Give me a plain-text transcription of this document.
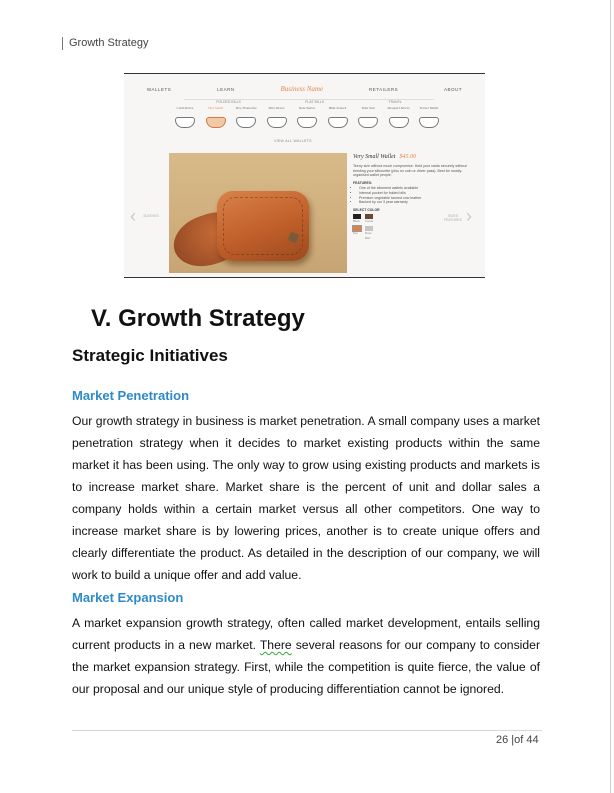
Growth Strategy
WALLETS	LEARN	Business Name	RETAILERS	ABOUT
FOLDED BILLS	FLAT BILLS	TRAVEL
Card Sleeve	Very Small	Very Protective	Slim Sleeve	Note Sleeve	Hide Schack	Tube Slot	Passport Sleeve	Travel Wallet
VIEW ALL WALLETS
‹	SLEEVES
Very Small Wallet $45.00
Teeny size without much compromise. Hold your cards securely without bending your silhouette (plus no coin or driver pass). Best for mostly-organised wallet people.
FEATURES:
• One of the slimmest wallets available
• Internal pocket for folded bills
• Premium vegetable tanned cow leather
• Backed by our 3 year warranty
SELECT COLOR
Black	Cocoa
Tan	Rose Mist
SIDES FEATURES ›
V. Growth Strategy
Strategic Initiatives
Market Penetration

Our growth strategy in business is market penetration. A small company uses a market penetration strategy when it decides to market existing products within the same market it has been using. The only way to grow using existing products and markets is to increase market share. Market share is the percent of unit and dollar sales a company holds within a certain market versus all other competitors. One way to increase market share is by lowering prices, another is to create unique offers and clearly differentiate the product. As detailed in the description of our company, we will work to build a unique offer and add value.

Market Expansion

A market expansion growth strategy, often called market development, entails selling current products in a new market. There several reasons for our company to consider the market expansion strategy. First, while the competition is quite fierce, the value of our proposal and our unique style of producing differentiation cannot be ignored.

26 |of 44
